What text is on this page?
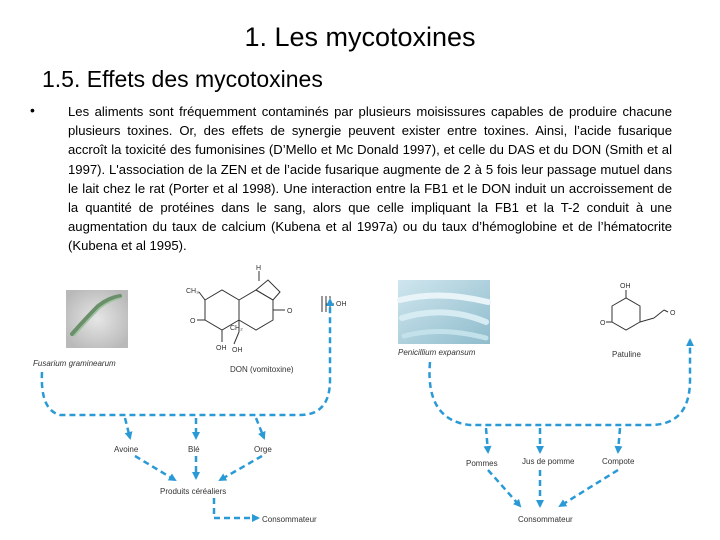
1. Les mycotoxines
1.5. Effets des mycotoxines
•	Les aliments sont fréquemment contaminés par plusieurs moisissures capables de produire chacune plusieurs toxines. Or, des effets de synergie peuvent exister entre toxines. Ainsi, l’acide fusarique accroît la toxicité des fumonisines (D’Mello et Mc Donald 1997), et celle du DAS et du DON (Smith et al 1997). L'association de la ZEN et de l’acide fusarique augmente de 2 à 5 fois leur passage mutuel dans le lait chez le rat (Porter et al 1998). Une interaction entre la FB1 et le DON induit un accroissement de la quantité de protéines dans le sang, alors que celle impliquant la FB1 et la T-2 conduit à une augmentation du taux de calcium (Kubena et al 1997a) ou du taux d’hémoglobine et de l’hématocrite (Kubena et al 1995).

Fusarium graminearum
CH₃
H
O
O
CH₂
OH OH
OH
DON (vomitoxine)
Avoine	Blé	Orge
Produits céréaliers
Consommateur
Penicillium expansum
OH
O
O
Patuline
Pommes	Jus de pomme	Compote
Consommateur
